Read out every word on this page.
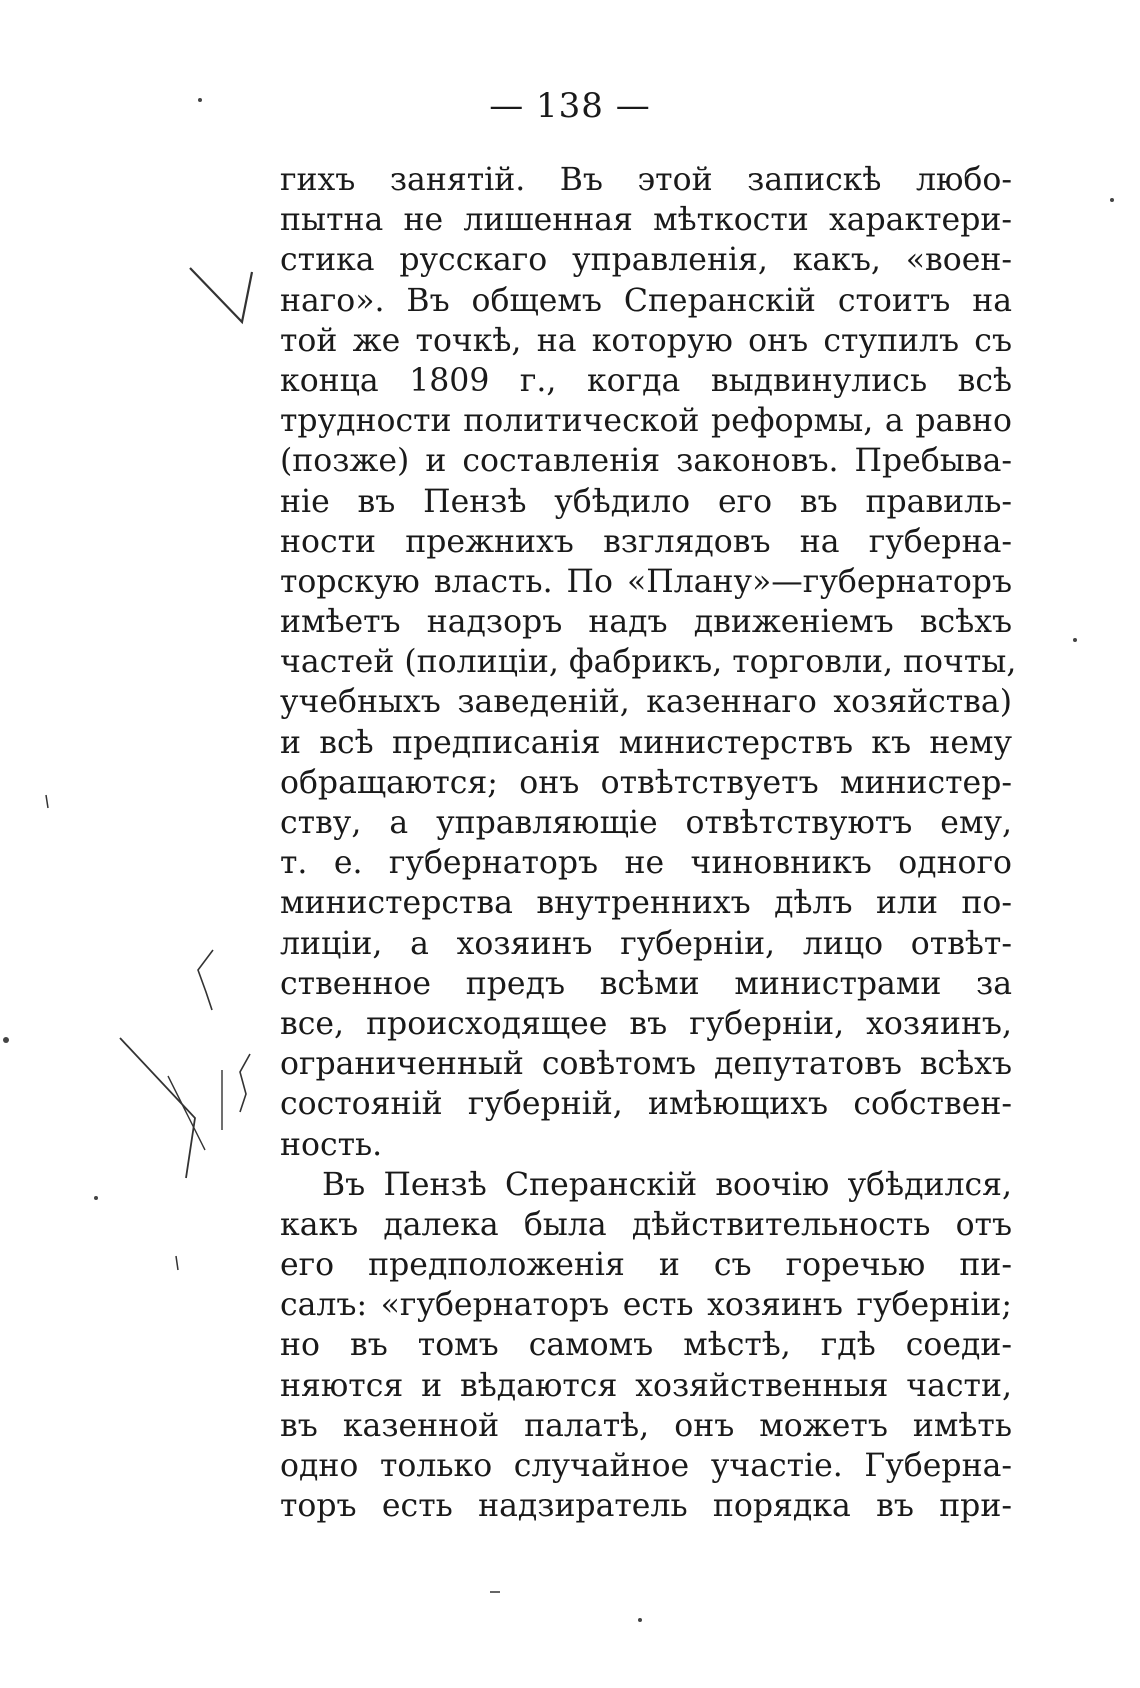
— 138 —
гихъ занятій. Въ этой запискѣ любо-
пытна не лишенная мѣткости характери-
стика русскаго управленія, какъ, «воен-
наго». Въ общемъ Сперанскій стоитъ на
той же точкѣ, на которую онъ ступилъ съ
конца 1809 г., когда выдвинулись всѣ
трудности политической реформы, а равно
(позже) и составленія законовъ. Пребыва-
ніе въ Пензѣ убѣдило его въ правиль-
ности прежнихъ взглядовъ на губерна-
торскую власть. По «Плану»—губернаторъ
имѣетъ надзоръ надъ движеніемъ всѣхъ
частей (полиціи, фабрикъ, торговли, почты,
учебныхъ заведеній, казеннаго хозяйства)
и всѣ предписанія министерствъ къ нему
обращаются; онъ отвѣтствуетъ министер-
ству, а управляющіе отвѣтствуютъ ему,
т. е. губернаторъ не чиновникъ одного
министерства внутреннихъ дѣлъ или по-
лиціи, а хозяинъ губерніи, лицо отвѣт-
ственное предъ всѣми министрами за
все, происходящее въ губерніи, хозяинъ,
ограниченный совѣтомъ депутатовъ всѣхъ
состояній губерній, имѣющихъ собствен-
ность.
Въ Пензѣ Сперанскій воочію убѣдился,
какъ далека была дѣйствительность отъ
его предположенія и съ горечью пи-
салъ: «губернаторъ есть хозяинъ губерніи;
но въ томъ самомъ мѣстѣ, гдѣ соеди-
няются и вѣдаются хозяйственныя части,
въ казенной палатѣ, онъ можетъ имѣть
одно только случайное участіе. Губерна-
торъ есть надзиратель порядка въ при-
